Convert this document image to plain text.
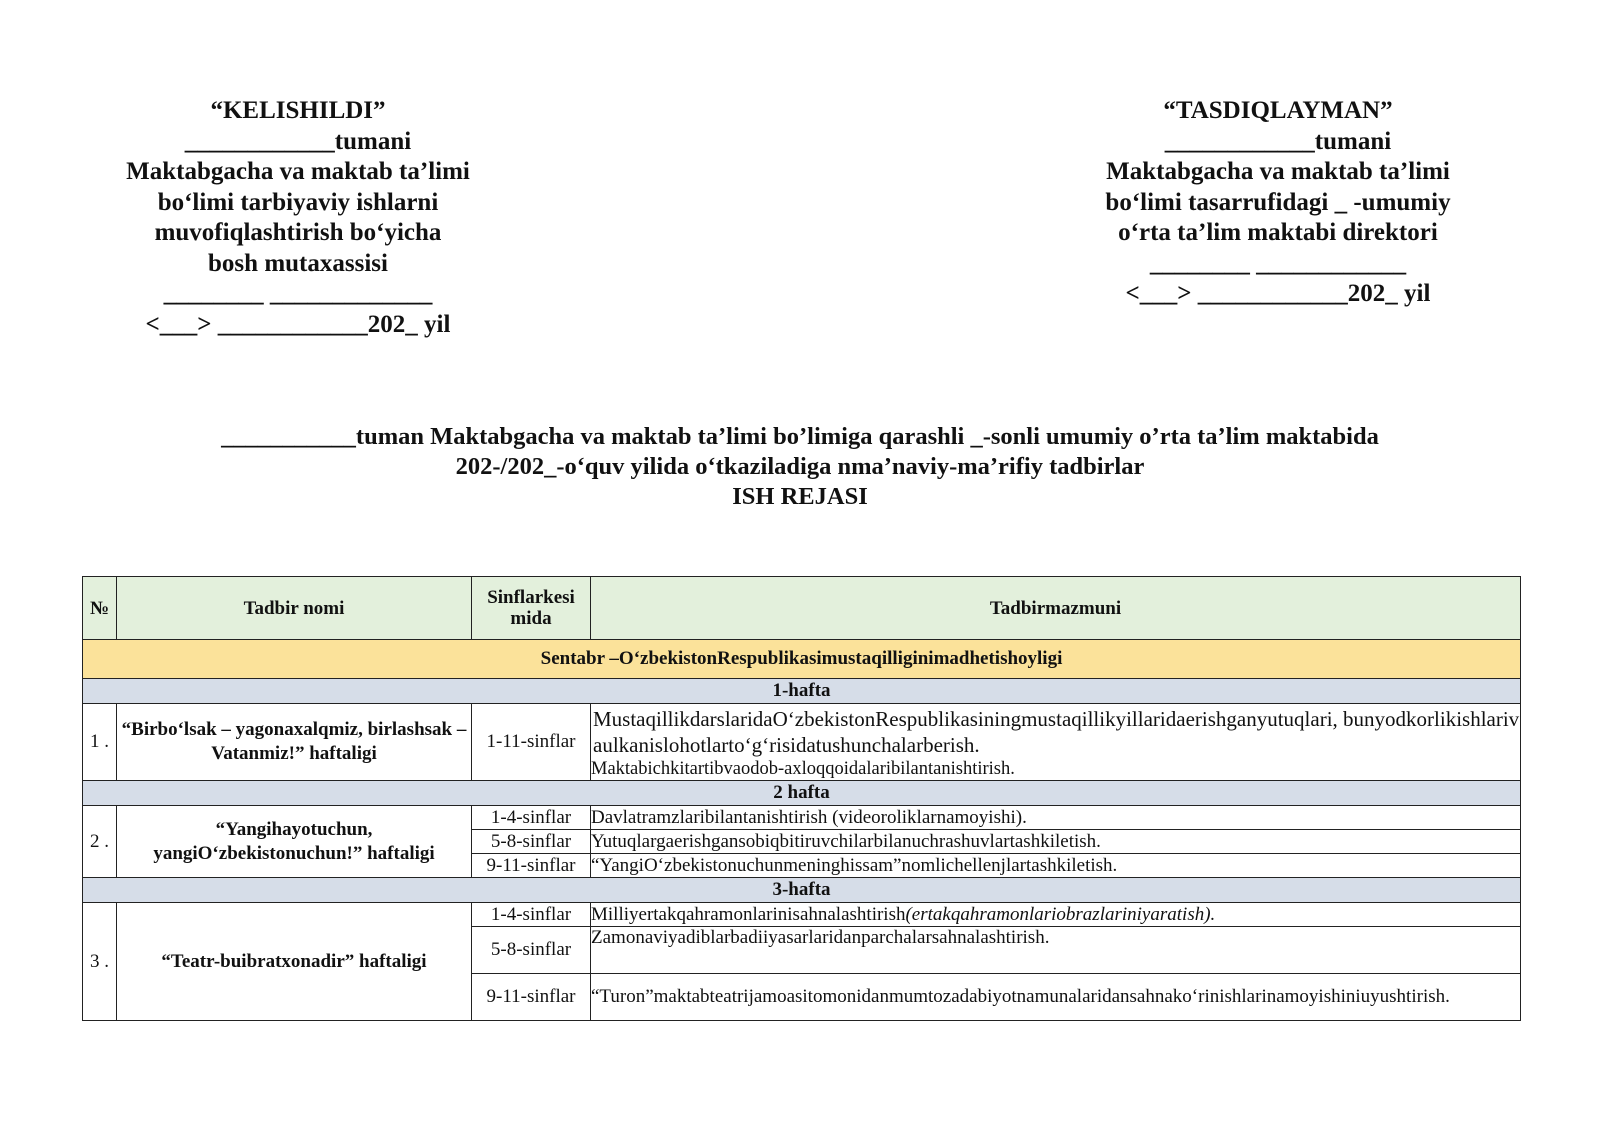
“KELISHILDI”
____________tumani
Maktabgacha va maktab ta’limi
bo‘limi tarbiyaviy ishlarni
muvofiqlashtirish bo‘yicha
bosh mutaxassisi
________ _____________
<___> ____________202_ yil
“TASDIQLAYMAN”
____________tumani
Maktabgacha va maktab ta’limi
bo‘limi tasarrufidagi _ -umumiy
o‘rta ta’lim maktabi direktori
________ ____________
<___> ____________202_ yil
___________tuman Maktabgacha va maktab ta’limi bo’limiga qarashli _-sonli umumiy o’rta ta’lim maktabida
202-/202_-o‘quv yilida o‘tkaziladiga nma’naviy-ma’rifiy tadbirlar
ISH REJASI
№	Tadbir nomi	Sinflarkesi mida	Tadbirmazmuni
Sentabr –O‘zbekistonRespublikasimustaqilliginimadhetishoyligi			
1-hafta			
1 .	“Birbo‘lsak – yagonaxalqmiz, birlashsak – Vatanmiz!” haftaligi	1-11-sinflar	MustaqillikdarslaridaO‘zbekistonRespublikasiningmustaqillikyillaridaerishganyutuqlari, bunyodkorlikishlarivaulkanislohotlarto‘g‘risidatushunchalarberish.
Maktabichkitartibvaodob-axloqqoidalaribilantanishtirish.

2 hafta			
2 .	“Yangihayotuchun, yangiO‘zbekistonuchun!” haftaligi	1-4-sinflar	Davlatramzlaribilantanishtirish (videoroliklarnamoyishi).
		5-8-sinflar	Yutuqlargaerishgansobiqbitiruvchilarbilanuchrashuvlartashkiletish.
		9-11-sinflar	“YangiO‘zbekistonuchunmeninghissam”nomlichellenjlartashkiletish.
3-hafta			
3 .	“Teatr-buibratxonadir” haftaligi	1-4-sinflar	Milliyertakqahramonlarinisahnalashtirish(ertakqahramonlariobrazlariniyaratish).
		5-8-sinflar	Zamonaviyadiblarbadiiyasarlaridanparchalarsahnalashtirish.
		9-11-sinflar	“Turon”maktabteatrijamoasitomonidanmumtozadabiyotnamunalaridansahnako‘rinishlarinamoyishiniuyushtirish.
